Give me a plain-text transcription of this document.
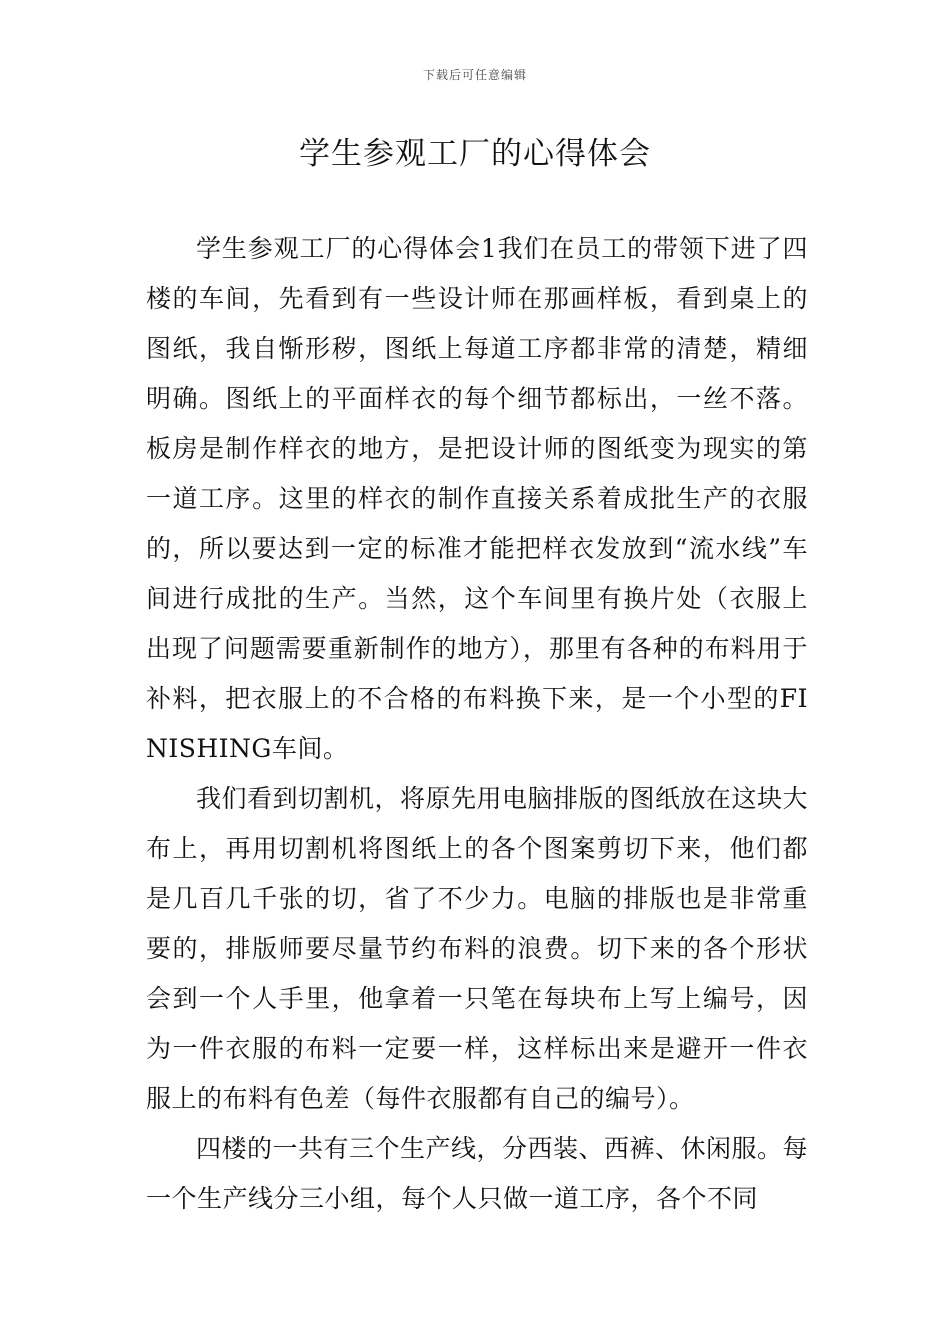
下载后可任意编辑
学生参观工厂的心得体会

学生参观工厂的心得体会1我们在员工的带领下进了四楼的车间，先看到有一些设计师在那画样板，看到桌上的图纸，我自惭形秽，图纸上每道工序都非常的清楚，精细明确。图纸上的平面样衣的每个细节都标出，一丝不落。板房是制作样衣的地方，是把设计师的图纸变为现实的第一道工序。这里的样衣的制作直接关系着成批生产的衣服的，所以要达到一定的标准才能把样衣发放到“流水线”车间进行成批的生产。当然，这个车间里有换片处（衣服上出现了问题需要重新制作的地方），那里有各种的布料用于补料，把衣服上的不合格的布料换下来，是一个小型的FINISHING车间。

我们看到切割机，将原先用电脑排版的图纸放在这块大布上，再用切割机将图纸上的各个图案剪切下来，他们都是几百几千张的切，省了不少力。电脑的排版也是非常重要的，排版师要尽量节约布料的浪费。切下来的各个形状会到一个人手里，他拿着一只笔在每块布上写上编号，因为一件衣服的布料一定要一样，这样标出来是避开一件衣服上的布料有色差（每件衣服都有自己的编号）。

四楼的一共有三个生产线，分西装、西裤、休闲服。每一个生产线分三小组，每个人只做一道工序，各个不同
